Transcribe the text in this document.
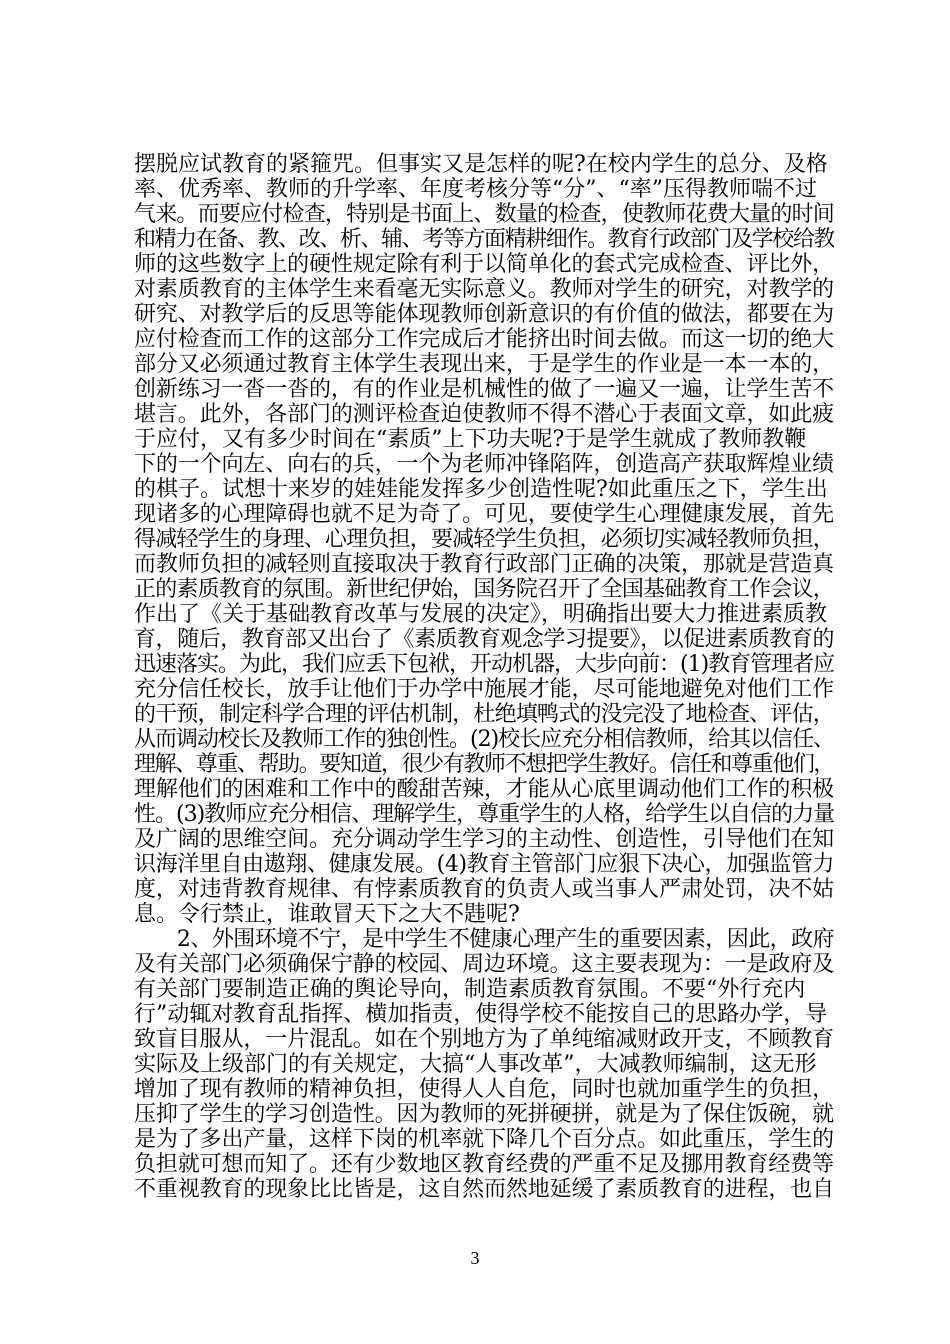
摆脱应试教育的紧箍咒。但事实又是怎样的呢?在校内学生的总分、及格
率、优秀率、教师的升学率、年度考核分等“分”、“率”压得教师喘不过
气来。而要应付检查，特别是书面上、数量的检查，使教师花费大量的时间
和精力在备、教、改、析、辅、考等方面精耕细作。教育行政部门及学校给教
师的这些数字上的硬性规定除有利于以简单化的套式完成检查、评比外，
对素质教育的主体学生来看毫无实际意义。教师对学生的研究，对教学的
研究、对教学后的反思等能体现教师创新意识的有价值的做法，都要在为
应付检查而工作的这部分工作完成后才能挤出时间去做。而这一切的绝大
部分又必须通过教育主体学生表现出来，于是学生的作业是一本一本的，
创新练习一沓一沓的，有的作业是机械性的做了一遍又一遍，让学生苦不
堪言。此外，各部门的测评检查迫使教师不得不潜心于表面文章，如此疲
于应付，又有多少时间在“素质”上下功夫呢?于是学生就成了教师教鞭
下的一个向左、向右的兵，一个为老师冲锋陷阵，创造高产获取辉煌业绩
的棋子。试想十来岁的娃娃能发挥多少创造性呢?如此重压之下，学生出
现诸多的心理障碍也就不足为奇了。可见，要使学生心理健康发展，首先
得减轻学生的身理、心理负担，要减轻学生负担，必须切实减轻教师负担，
而教师负担的减轻则直接取决于教育行政部门正确的决策，那就是营造真
正的素质教育的氛围。新世纪伊始，国务院召开了全国基础教育工作会议，
作出了《关于基础教育改革与发展的决定》，明确指出要大力推进素质教
育，随后，教育部又出台了《素质教育观念学习提要》，以促进素质教育的
迅速落实。为此，我们应丢下包袱，开动机器，大步向前：(1)教育管理者应
充分信任校长，放手让他们于办学中施展才能，尽可能地避免对他们工作
的干预，制定科学合理的评估机制，杜绝填鸭式的没完没了地检查、评估，
从而调动校长及教师工作的独创性。(2)校长应充分相信教师，给其以信任、
理解、尊重、帮助。要知道，很少有教师不想把学生教好。信任和尊重他们，
理解他们的困难和工作中的酸甜苦辣，才能从心底里调动他们工作的积极
性。(3)教师应充分相信、理解学生，尊重学生的人格，给学生以自信的力量
及广阔的思维空间。充分调动学生学习的主动性、创造性，引导他们在知
识海洋里自由遨翔、健康发展。(4)教育主管部门应狠下决心，加强监管力
度，对违背教育规律、有悖素质教育的负责人或当事人严肃处罚，决不姑
息。令行禁止，谁敢冒天下之大不韪呢?
　　2、外围环境不宁，是中学生不健康心理产生的重要因素，因此，政府
及有关部门必须确保宁静的校园、周边环境。这主要表现为：一是政府及
有关部门要制造正确的舆论导向，制造素质教育氛围。不要“外行充内
行”动辄对教育乱指挥、横加指责，使得学校不能按自己的思路办学，导
致盲目服从，一片混乱。如在个别地方为了单纯缩减财政开支，不顾教育
实际及上级部门的有关规定，大搞“人事改革”，大减教师编制，这无形
增加了现有教师的精神负担，使得人人自危，同时也就加重学生的负担，
压抑了学生的学习创造性。因为教师的死拼硬拼，就是为了保住饭碗，就
是为了多出产量，这样下岗的机率就下降几个百分点。如此重压，学生的
负担就可想而知了。还有少数地区教育经费的严重不足及挪用教育经费等
不重视教育的现象比比皆是，这自然而然地延缓了素质教育的进程，也自
3
